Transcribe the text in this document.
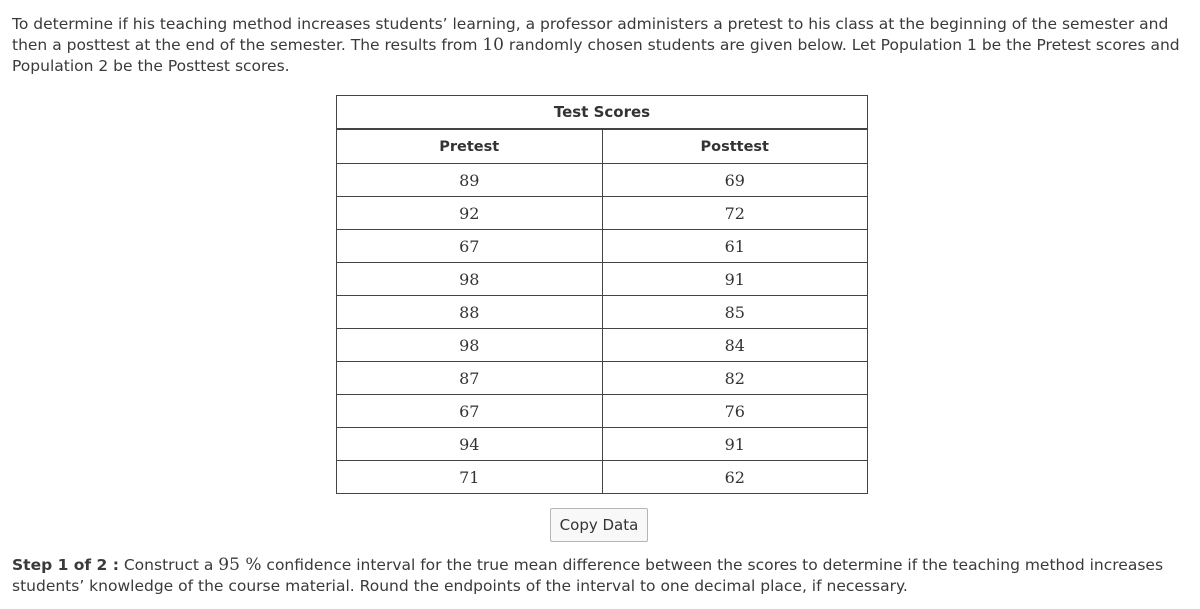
To determine if his teaching method increases students’ learning, a professor administers a pretest to his class at the beginning of the semester and then a posttest at the end of the semester. The results from 10 randomly chosen students are given below. Let Population 1 be the Pretest scores and Population 2 be the Posttest scores.
Test Scores	
Pretest	Posttest
89	69
92	72
67	61
98	91
88	85
98	84
87	82
67	76
94	91
71	62
Copy Data
Step 1 of 2 : Construct a 95 % confidence interval for the true mean difference between the scores to determine if the teaching method increases students’ knowledge of the course material. Round the endpoints of the interval to one decimal place, if necessary.
